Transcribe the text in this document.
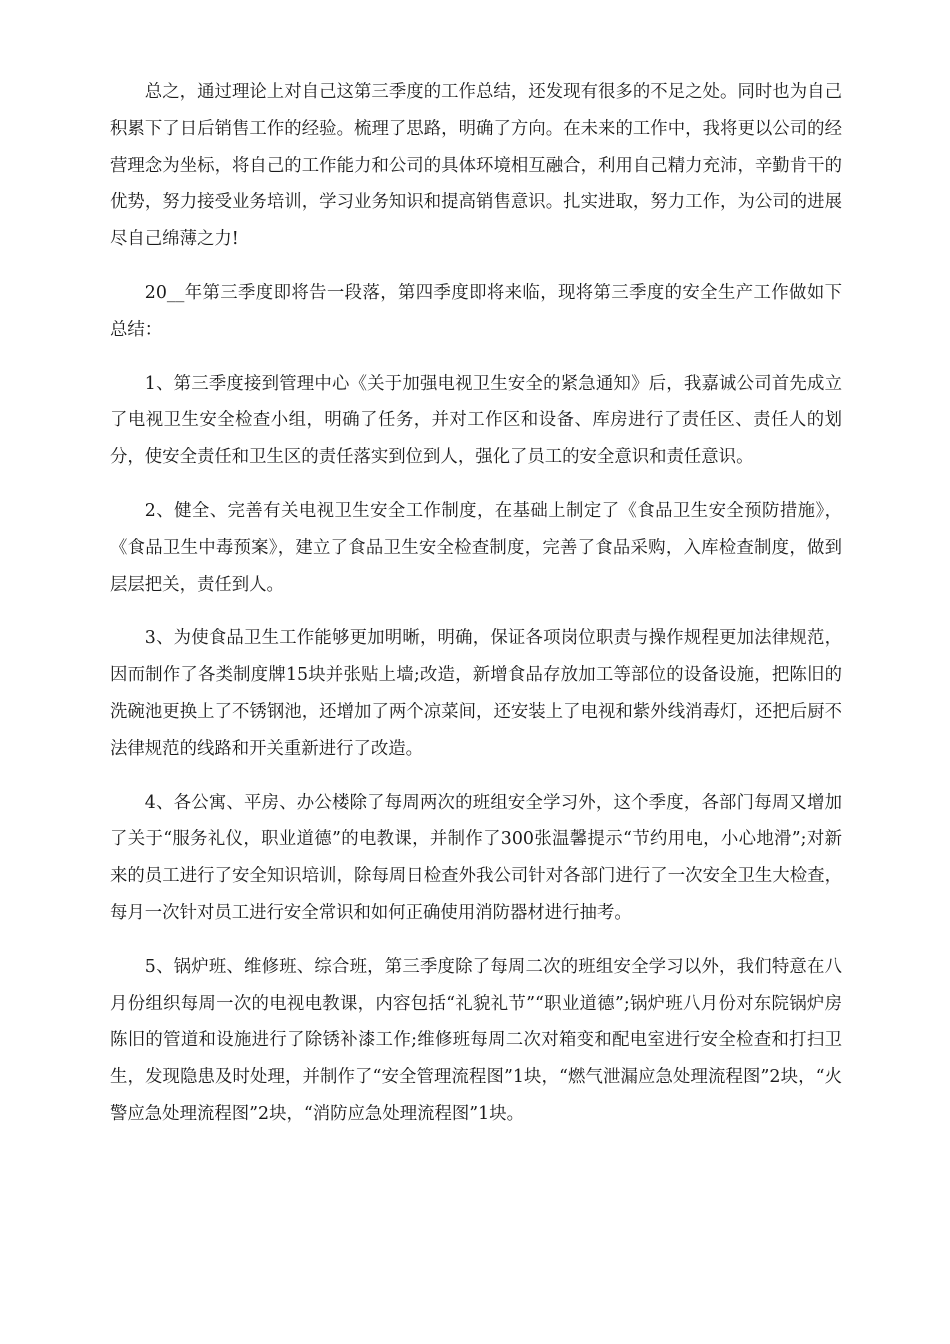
总之，通过理论上对自己这第三季度的工作总结，还发现有很多的不足之处。同时也为自己积累下了日后销售工作的经验。梳理了思路，明确了方向。在未来的工作中，我将更以公司的经营理念为坐标，将自己的工作能力和公司的具体环境相互融合，利用自己精力充沛，辛勤肯干的优势，努力接受业务培训，学习业务知识和提高销售意识。扎实进取，努力工作，为公司的进展尽自己绵薄之力!

20__年第三季度即将告一段落，第四季度即将来临，现将第三季度的安全生产工作做如下总结：

1、第三季度接到管理中心《关于加强电视卫生安全的紧急通知》后，我嘉诚公司首先成立了电视卫生安全检查小组，明确了任务，并对工作区和设备、库房进行了责任区、责任人的划分，使安全责任和卫生区的责任落实到位到人，强化了员工的安全意识和责任意识。

2、健全、完善有关电视卫生安全工作制度，在基础上制定了《食品卫生安全预防措施》，《食品卫生中毒预案》，建立了食品卫生安全检查制度，完善了食品采购，入库检查制度，做到层层把关，责任到人。

3、为使食品卫生工作能够更加明晰，明确，保证各项岗位职责与操作规程更加法律规范，因而制作了各类制度牌15块并张贴上墙;改造，新增食品存放加工等部位的设备设施，把陈旧的洗碗池更换上了不锈钢池，还增加了两个凉菜间，还安装上了电视和紫外线消毒灯，还把后厨不法律规范的线路和开关重新进行了改造。

4、各公寓、平房、办公楼除了每周两次的班组安全学习外，这个季度，各部门每周又增加了关于“服务礼仪，职业道德”的电教课，并制作了300张温馨提示“节约用电，小心地滑”;对新来的员工进行了安全知识培训，除每周日检查外我公司针对各部门进行了一次安全卫生大检查，每月一次针对员工进行安全常识和如何正确使用消防器材进行抽考。

5、锅炉班、维修班、综合班，第三季度除了每周二次的班组安全学习以外，我们特意在八月份组织每周一次的电视电教课，内容包括“礼貌礼节”“职业道德”;锅炉班八月份对东院锅炉房陈旧的管道和设施进行了除锈补漆工作;维修班每周二次对箱变和配电室进行安全检查和打扫卫生，发现隐患及时处理，并制作了“安全管理流程图”1块，“燃气泄漏应急处理流程图”2块，“火警应急处理流程图”2块，“消防应急处理流程图”1块。
